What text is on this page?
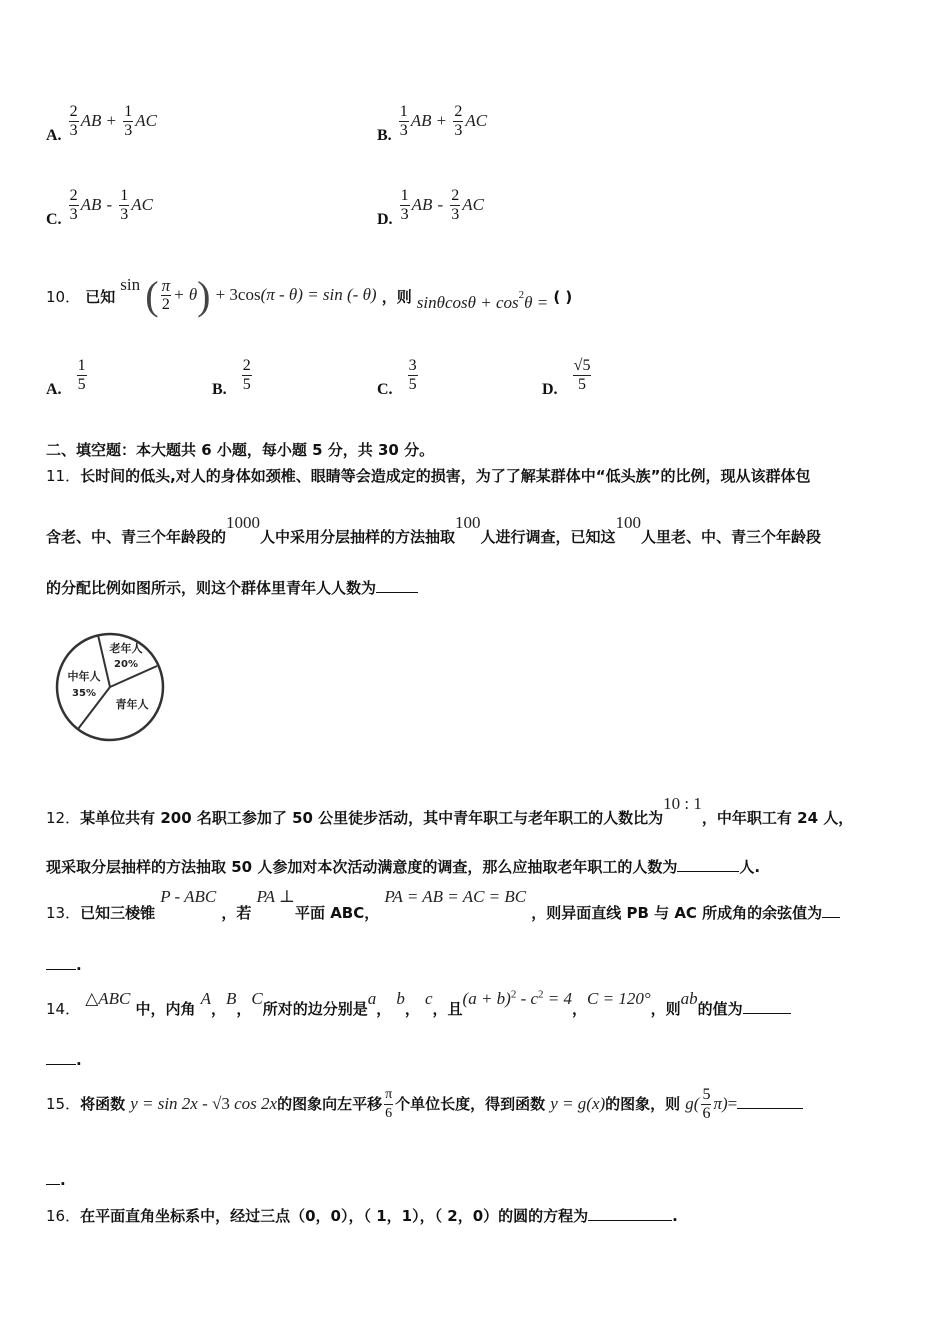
A. $\frac{2}{3}$ AB + $\frac{1}{3}$ AC
B. $\frac{1}{3}$ AB + $\frac{2}{3}$ AC
C. $\frac{2}{3}$ AB - $\frac{1}{3}$ AC
D. $\frac{1}{3}$ AB - $\frac{2}{3}$ AC
10． 已知 sin ( $\frac{\pi}{2} + \theta) + 3\cos(\pi - \theta) = \sin$ (- θ) ，则 $\sin\theta\cos\theta + \cos^2\theta$ = ( )
A. $\frac{1}{5}$	B. $\frac{2}{5}$	C. $\frac{3}{5}$	D. $\frac{√5}{5}$
二、填空题：本大题共 6 小题，每小题 5 分，共 30 分。
11．长时间的低头,对人的身体如颈椎、眼睛等会造成定的损害，为了了解某群体中“低头族”的比例，现从该群体包
含老、中、青三个年龄段的1000人中采用分层抽样的方法抽取100人进行调查，已知这100人里老、中、青三个年龄段
的分配比例如图所示，则这个群体里青年人人数为
老年人
20%
中年人
35%
青年人
12．某单位共有 200 名职工参加了 50 公里徒步活动，其中青年职工与老年职工的人数比为10 : 1，中年职工有 24 人，
现采取分层抽样的方法抽取 50 人参加对本次活动满意度的调查，那么应抽取老年职工的人数为	人.
13．已知三棱锥 P - ABC ，若 PA ⊥平面 ABC， PA = AB = AC = BC ，则异面直线 PB 与 AC 所成角的余弦值为
.
14． △ABC 中，内角 A，B，C所对的边分别是a， b， c，且$(a + b)^2 - c^2 = 4$，C = 120°，则ab的值为
.
15．将函数 y = sin 2x - √3 cos 2x的图象向左平移 $\frac{\pi}{6}$ 个单位长度，得到函数 y = g(x)的图象，则 $g( \frac{5}{6} \pi)=$
.
16．在平面直角坐标系中，经过三点（0，0），（ 1，1），（ 2，0）的圆的方程为	.
